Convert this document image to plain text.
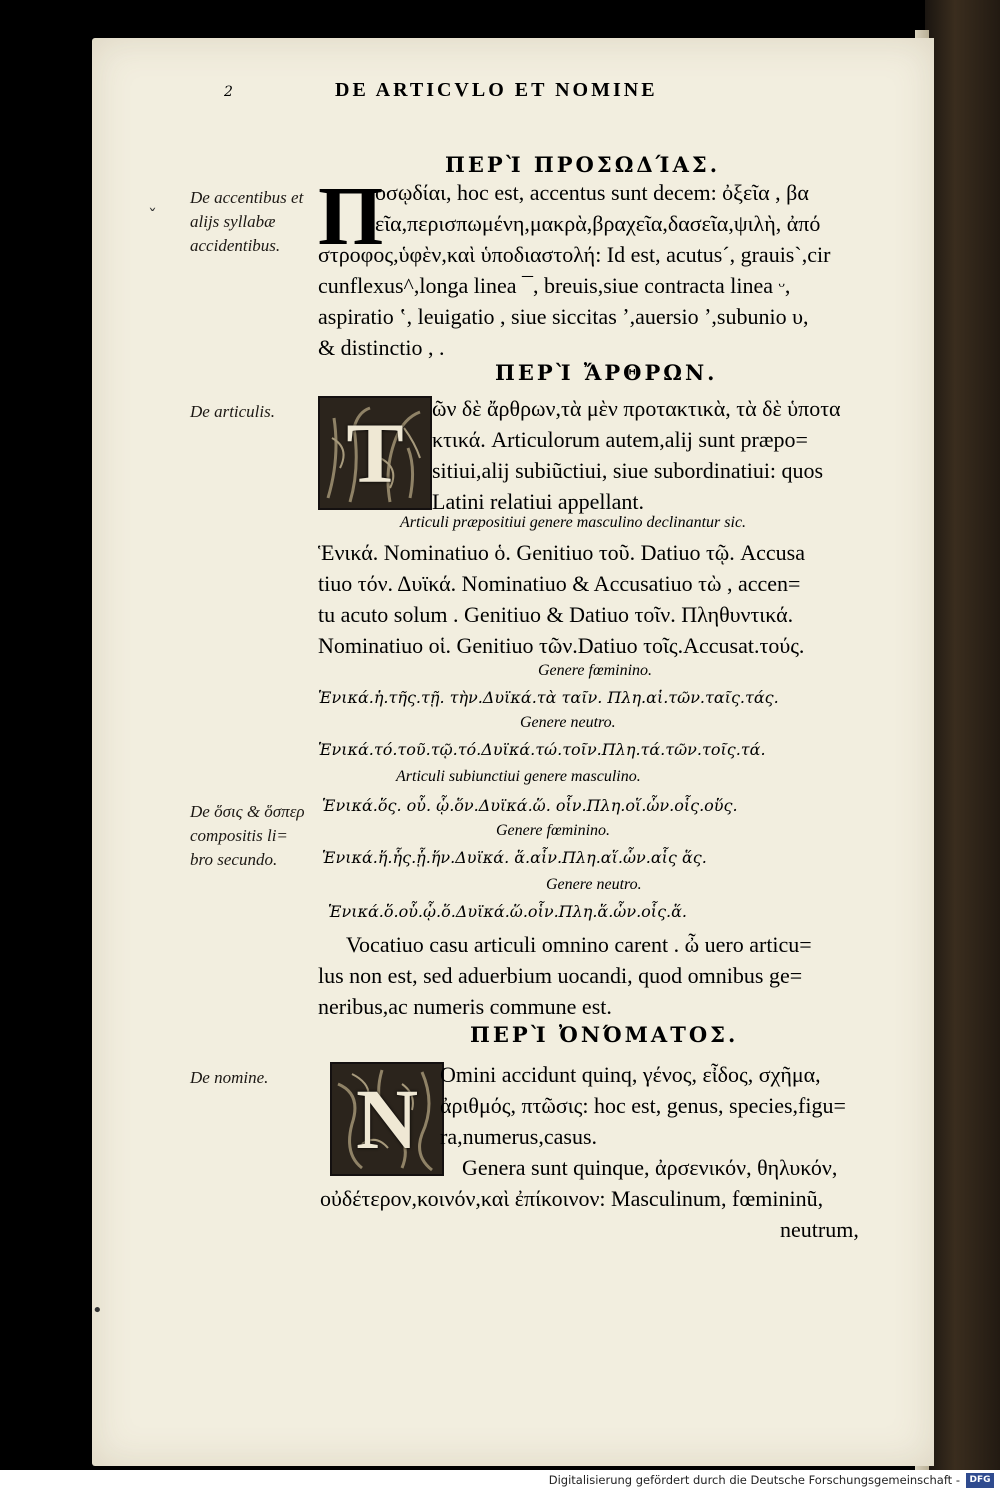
2	DE ARTICVLO ET NOMINE
ΠΕΡῚ ΠΡΟΣΩΔΊΑΣ.
De accentibus et alijs syllabæ accidentibus.
ˇ Π
ροσῳδίαι, hoc est, accentus sunt decem: ὀξεῖα , βα
ρεῖα,περισπωμένη,μακρὰ,βραχεῖα,δασεῖα,ψιλὴ, ἀπό
στροφος,ὑφὲν,καὶ ὑποδιαστολή: Id est, acutus´, grauis`,cir
cunflexus^,longa linea ¯, breuis,siue contracta linea ᵕ,
aspiratio ʽ, leuigatio , siue siccitas ʼ,auersio ʼ,subunio υ,
& distinctio , .
ΠΕΡῚ ἌΡΘΡΩΝ.
De articulis. T ῶν δὲ ἄρθρων,τὰ μὲν προτακτικὰ, τὰ δὲ ὑποτα
κτικά. Articulorum autem,alij sunt præpo=
sitiui,alij subiũctiui, siue subordinatiui: quos
Latini relatiui appellant.
Articuli præpositiui genere masculino declinantur sic.
Ἑνικά. Nominatiuo ὁ. Genitiuο τοῦ. Datiuo τῷ. Accusa
tiuo τόν. Δυϊκά. Nominatiuo & Accusatiuo τὼ , accen=
tu acuto solum . Genitiuo & Datiuo τοῖν. Πληθυντικά.
Nominatiuo οἱ. Genitiuo τῶν.Datiuo τοῖς.Accusat.τούς.
Genere fœminino.
Ἑνικά.ἡ.τῆς.τῇ. τὴν.Δυϊκά.τὰ ταῖν. Πλη.αἱ.τῶν.ταῖς.τάς.
Genere neutro.
Ἑνικά.τό.τοῦ.τῷ.τό.Δυϊκά.τώ.τοῖν.Πλη.τά.τῶν.τοῖς.τά.
Articuli subiunctiui genere masculino.
De ὅσις & ὅσπερ compositis li= bro secundo.
Ἑνικά.ὅς. οὗ. ᾧ.ὅν.Δυϊκά.ὥ. οἷν.Πλη.οἵ.ὧν.οἷς.οὕς.
Genere fœminino.
Ἑνικά.ἥ.ἧς.ᾗ.ἥν.Δυϊκά. ἅ.αἷν.Πλη.αἵ.ὧν.αἷς ἅς.
Genere neutro.
Ἑνικά.ὅ.οὗ.ᾧ.ὅ.Δυϊκά.ὥ.οἷν.Πλη.ἅ.ὧν.οἷς.ἅ.
Vocatiuo casu articuli omnino carent . ὦ uero articu=
lus non est, sed aduerbium uocandi, quod omnibus ge=
neribus,ac numeris commune est.
ΠΕΡῚ ὈΝΌΜΑΤΟΣ.
De nomine.	N Omini accidunt quinq, γένος, εἶδος, σχῆμα,
ἀριθμός, πτῶσις: hoc est, genus, species,figu=
ra,numerus,casus.
Genera sunt quinque, ἀρσενικόν, θηλυκόν,
οὐδέτερον,κοινόν,καὶ ἐπίκοινον: Masculinum, fœmininũ,
neutrum,
•
Digitalisierung gefördert durch die Deutsche Forschungsgemeinschaft -	DFG
